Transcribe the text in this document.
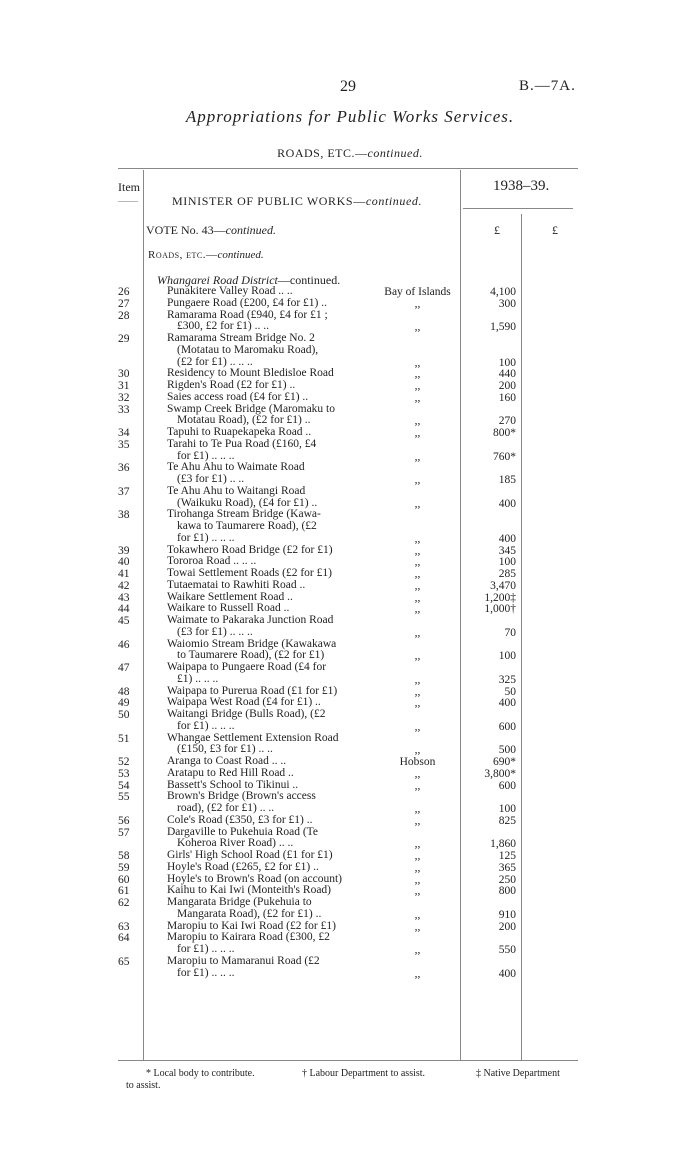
29	B.—7A.
Appropriations for Public Works Services.
ROADS, ETC.—continued.
Item
——
1938–39.
MINISTER OF PUBLIC WORKS—continued.
VOTE No. 43—continued.	£	£
Roads, etc.—continued.
Whangarei Road District—continued.
26	Punakitere Valley Road .. ..	Bay of Islands	4,100
27	Pungaere Road (£200, £4 for £1) ..	,,	300
28	Ramarama Road (£940, £4 for £1 ;
£300, £2 for £1) .. ..	,,	1,590
29	Ramarama Stream Bridge No. 2
(Motatau to Maromaku Road),
(£2 for £1) .. .. ..	,,	100
30	Residency to Mount Bledisloe Road	,,	440
31	Rigden's Road (£2 for £1) ..	,,	200
32	Saies access road (£4 for £1) ..	,,	160
33	Swamp Creek Bridge (Maromaku to
Motatau Road), (£2 for £1) ..	,,	270
34	Tapuhi to Ruapekapeka Road ..	,,	800*
35	Tarahi to Te Pua Road (£160, £4
for £1) .. .. ..	,,	760*
36	Te Ahu Ahu to Waimate Road
(£3 for £1) .. ..	,,	185
37	Te Ahu Ahu to Waitangi Road
(Waikuku Road), (£4 for £1) ..	,,	400
38	Tirohanga Stream Bridge (Kawa-
kawa to Taumarere Road), (£2
for £1) .. .. ..	,,	400
39	Tokawhero Road Bridge (£2 for £1)	,,	345
40	Tororoa Road .. .. ..	,,	100
41	Towai Settlement Roads (£2 for £1)	,,	285
42	Tutaematai to Rawhiti Road ..	,,	3,470
43	Waikare Settlement Road ..	,,	1,200‡
44	Waikare to Russell Road ..	,,	1,000†
45	Waimate to Pakaraka Junction Road
(£3 for £1) .. .. ..	,,	70
46	Waiomio Stream Bridge (Kawakawa
to Taumarere Road), (£2 for £1)	,,	100
47	Waipapa to Pungaere Road (£4 for
£1) .. .. ..	,,	325
48	Waipapa to Purerua Road (£1 for £1)	,,	50
49	Waipapa West Road (£4 for £1) ..	,,	400
50	Waitangi Bridge (Bulls Road), (£2
for £1) .. .. ..	,,	600
51	Whangae Settlement Extension Road
(£150, £3 for £1) .. ..	,,	500
52	Aranga to Coast Road .. ..	Hobson	690*
53	Aratapu to Red Hill Road ..	,,	3,800*
54	Bassett's School to Tikinui ..	,,	600
55	Brown's Bridge (Brown's access
road), (£2 for £1) .. ..	,,	100
56	Cole's Road (£350, £3 for £1) ..	,,	825
57	Dargaville to Pukehuia Road (Te
Koheroa River Road) .. ..	,,	1,860
58	Girls' High School Road (£1 for £1)	,,	125
59	Hoyle's Road (£265, £2 for £1) ..	,,	365
60	Hoyle's to Brown's Road (on account)	,,	250
61	Kaihu to Kai Iwi (Monteith's Road)	,,	800
62	Mangarata Bridge (Pukehuia to
Mangarata Road), (£2 for £1) ..	,,	910
63	Maropiu to Kai Iwi Road (£2 for £1)	,,	200
64	Maropiu to Kairara Road (£300, £2
for £1) .. .. ..	,,	550
65	Maropiu to Mamaranui Road (£2
for £1) .. .. ..	,,	400
* Local body to contribute.	† Labour Department to assist.	‡ Native Department
to assist.
